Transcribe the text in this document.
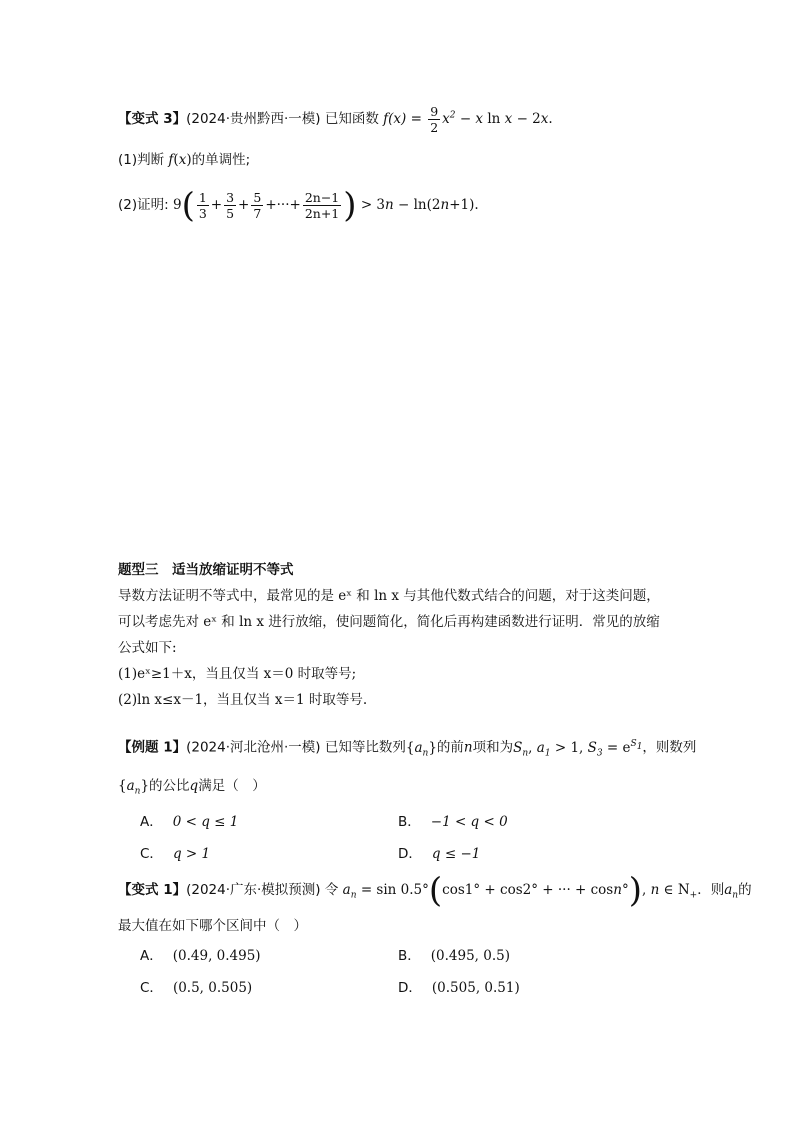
【变式 3】(2024·贵州黔西·一模) 已知函数 $f(x) = \frac{9}{2} x^2 - x$ ln x − 2x.
(1)判断 f(x)的单调性;
(2)证明: $9( \frac{1}{3} + \frac{3}{5} + \frac{5}{7}$ +···+ $\frac{2n-1}{2n+1}$ ) > 3n − ln(2n+1).
题型三　适当放缩证明不等式
导数方法证明不等式中，最常见的是 eˣ 和 ln x 与其他代数式结合的问题，对于这类问题，
可以考虑先对 eˣ 和 ln x 进行放缩，使问题简化，简化后再构建函数进行证明．常见的放缩
公式如下:
(1)eˣ≥1＋x，当且仅当 x＝0 时取等号;
(2)ln x≤x－1，当且仅当 x＝1 时取等号.
【例题 1】(2024·河北沧州·一模) 已知等比数列$\{a_n\}$的前n项和为$S_n$, $a_1 > 1$, $S_3 = e^{S_1}$，则数列
$\{a_n\}$的公比q满足（　）
A． 0 < q ≤ 1	B． −1 < q < 0
C． q > 1	D． q ≤ −1
【变式 1】(2024·广东·模拟预测) 令 $a_n = \sin 0.5^\circ(\cos 1^\circ + \cos 2^\circ$ + ··· + cosn°), n ∈ $N_+$．则$a_n$的
最大值在如下哪个区间中（　）
A． (0.49, 0.495)	B． (0.495, 0.5)
C． (0.5, 0.505)	D． (0.505, 0.51)
